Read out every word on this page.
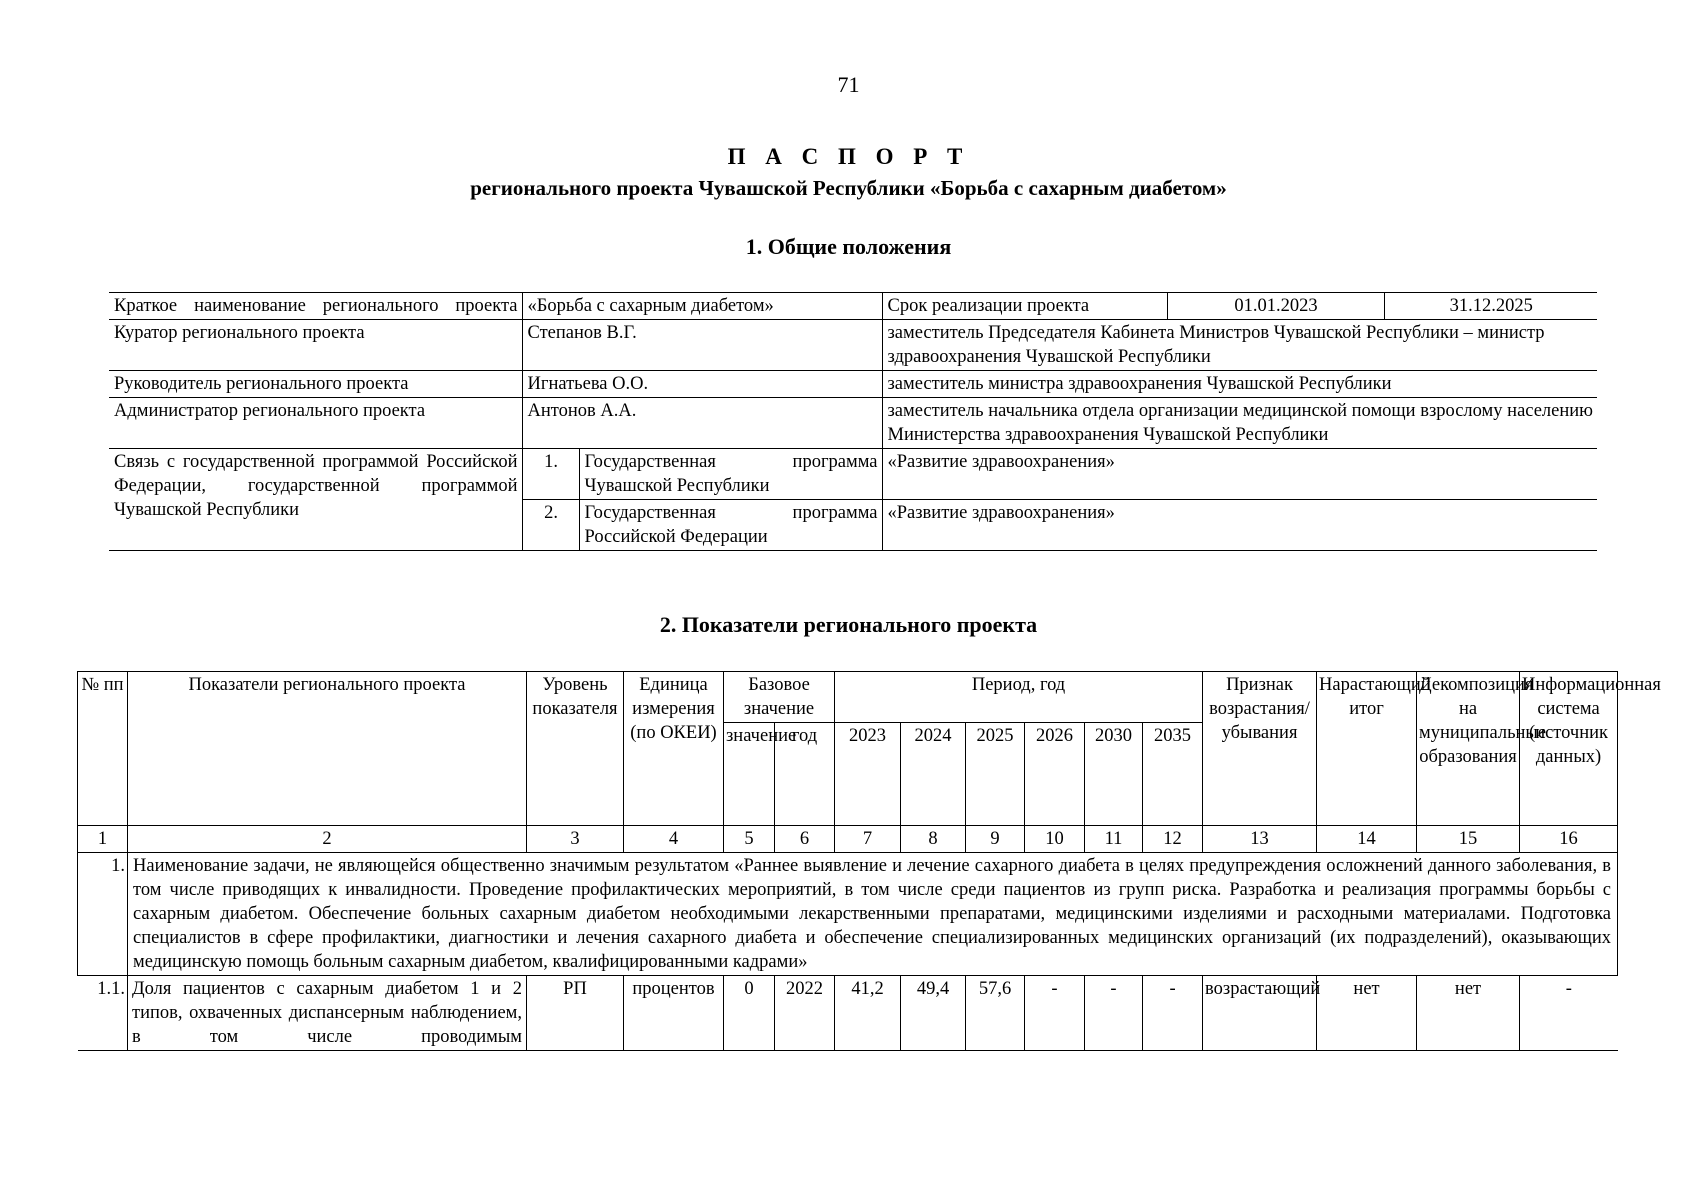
71
П А С П О Р Т
регионального проекта Чувашской Республики «Борьба с сахарным диабетом»
1. Общие положения
Краткое наименование регионального проекта	«Борьба с сахарным диабетом»		Срок реализации проекта	01.01.2023	31.12.2025
Куратор регионального проекта	Степанов В.Г.		заместитель Председателя Кабинета Министров Чувашской Республики – министр здравоохранения Чувашской Республики		
Руководитель регионального проекта	Игнатьева О.О.		заместитель министра здравоохранения Чувашской Республики		
Администратор регионального проекта	Антонов А.А.		заместитель начальника отдела организации медицинской помощи взрослому населению Министерства здравоохранения Чувашской Республики		
Связь с государственной программой Российской Федерации, государственной программой Чувашской Республики	1.	Государственная программа Чувашской Республики	«Развитие здравоохранения»		
	2.	Государственная программа Российской Федерации	«Развитие здравоохранения»		
2. Показатели регионального проекта
№ пп	Показатели регионального проекта	Уровень показателя	Единица измерения (по ОКЕИ)	Базовое значение		Период, год						Признак возрастания/ убывания	Нарастающий итог	Декомпозиция на муниципальные образования	Информационная система (источник данных)
				значение	год	2023	2024	2025	2026	2030	2035				
1	2	3	4	5	6	7	8	9	10	11	12	13	14	15	16
1.	Наименование задачи, не являющейся общественно значимым результатом «Раннее выявление и лечение сахарного диабета в целях предупреждения осложнений данного заболевания, в том числе приводящих к инвалидности. Проведение профилактических мероприятий, в том числе среди пациентов из групп риска. Разработка и реализация программы борьбы с сахарным диабетом. Обеспечение больных сахарным диабетом необходимыми лекарственными препаратами, медицинскими изделиями и расходными материалами. Подготовка специалистов в сфере профилактики, диагностики и лечения сахарного диабета и обеспечение специализированных медицинских организаций (их подразделений), оказывающих медицинскую помощь больным сахарным диабетом, квалифицированными кадрами»														
1.1.	Доля пациентов с сахарным диабетом 1 и 2 типов, охваченных диспансерным наблюдением, в том числе проводимым	РП	процентов	0	2022	41,2	49,4	57,6	-	-	-	возрастающий	нет	нет	-
